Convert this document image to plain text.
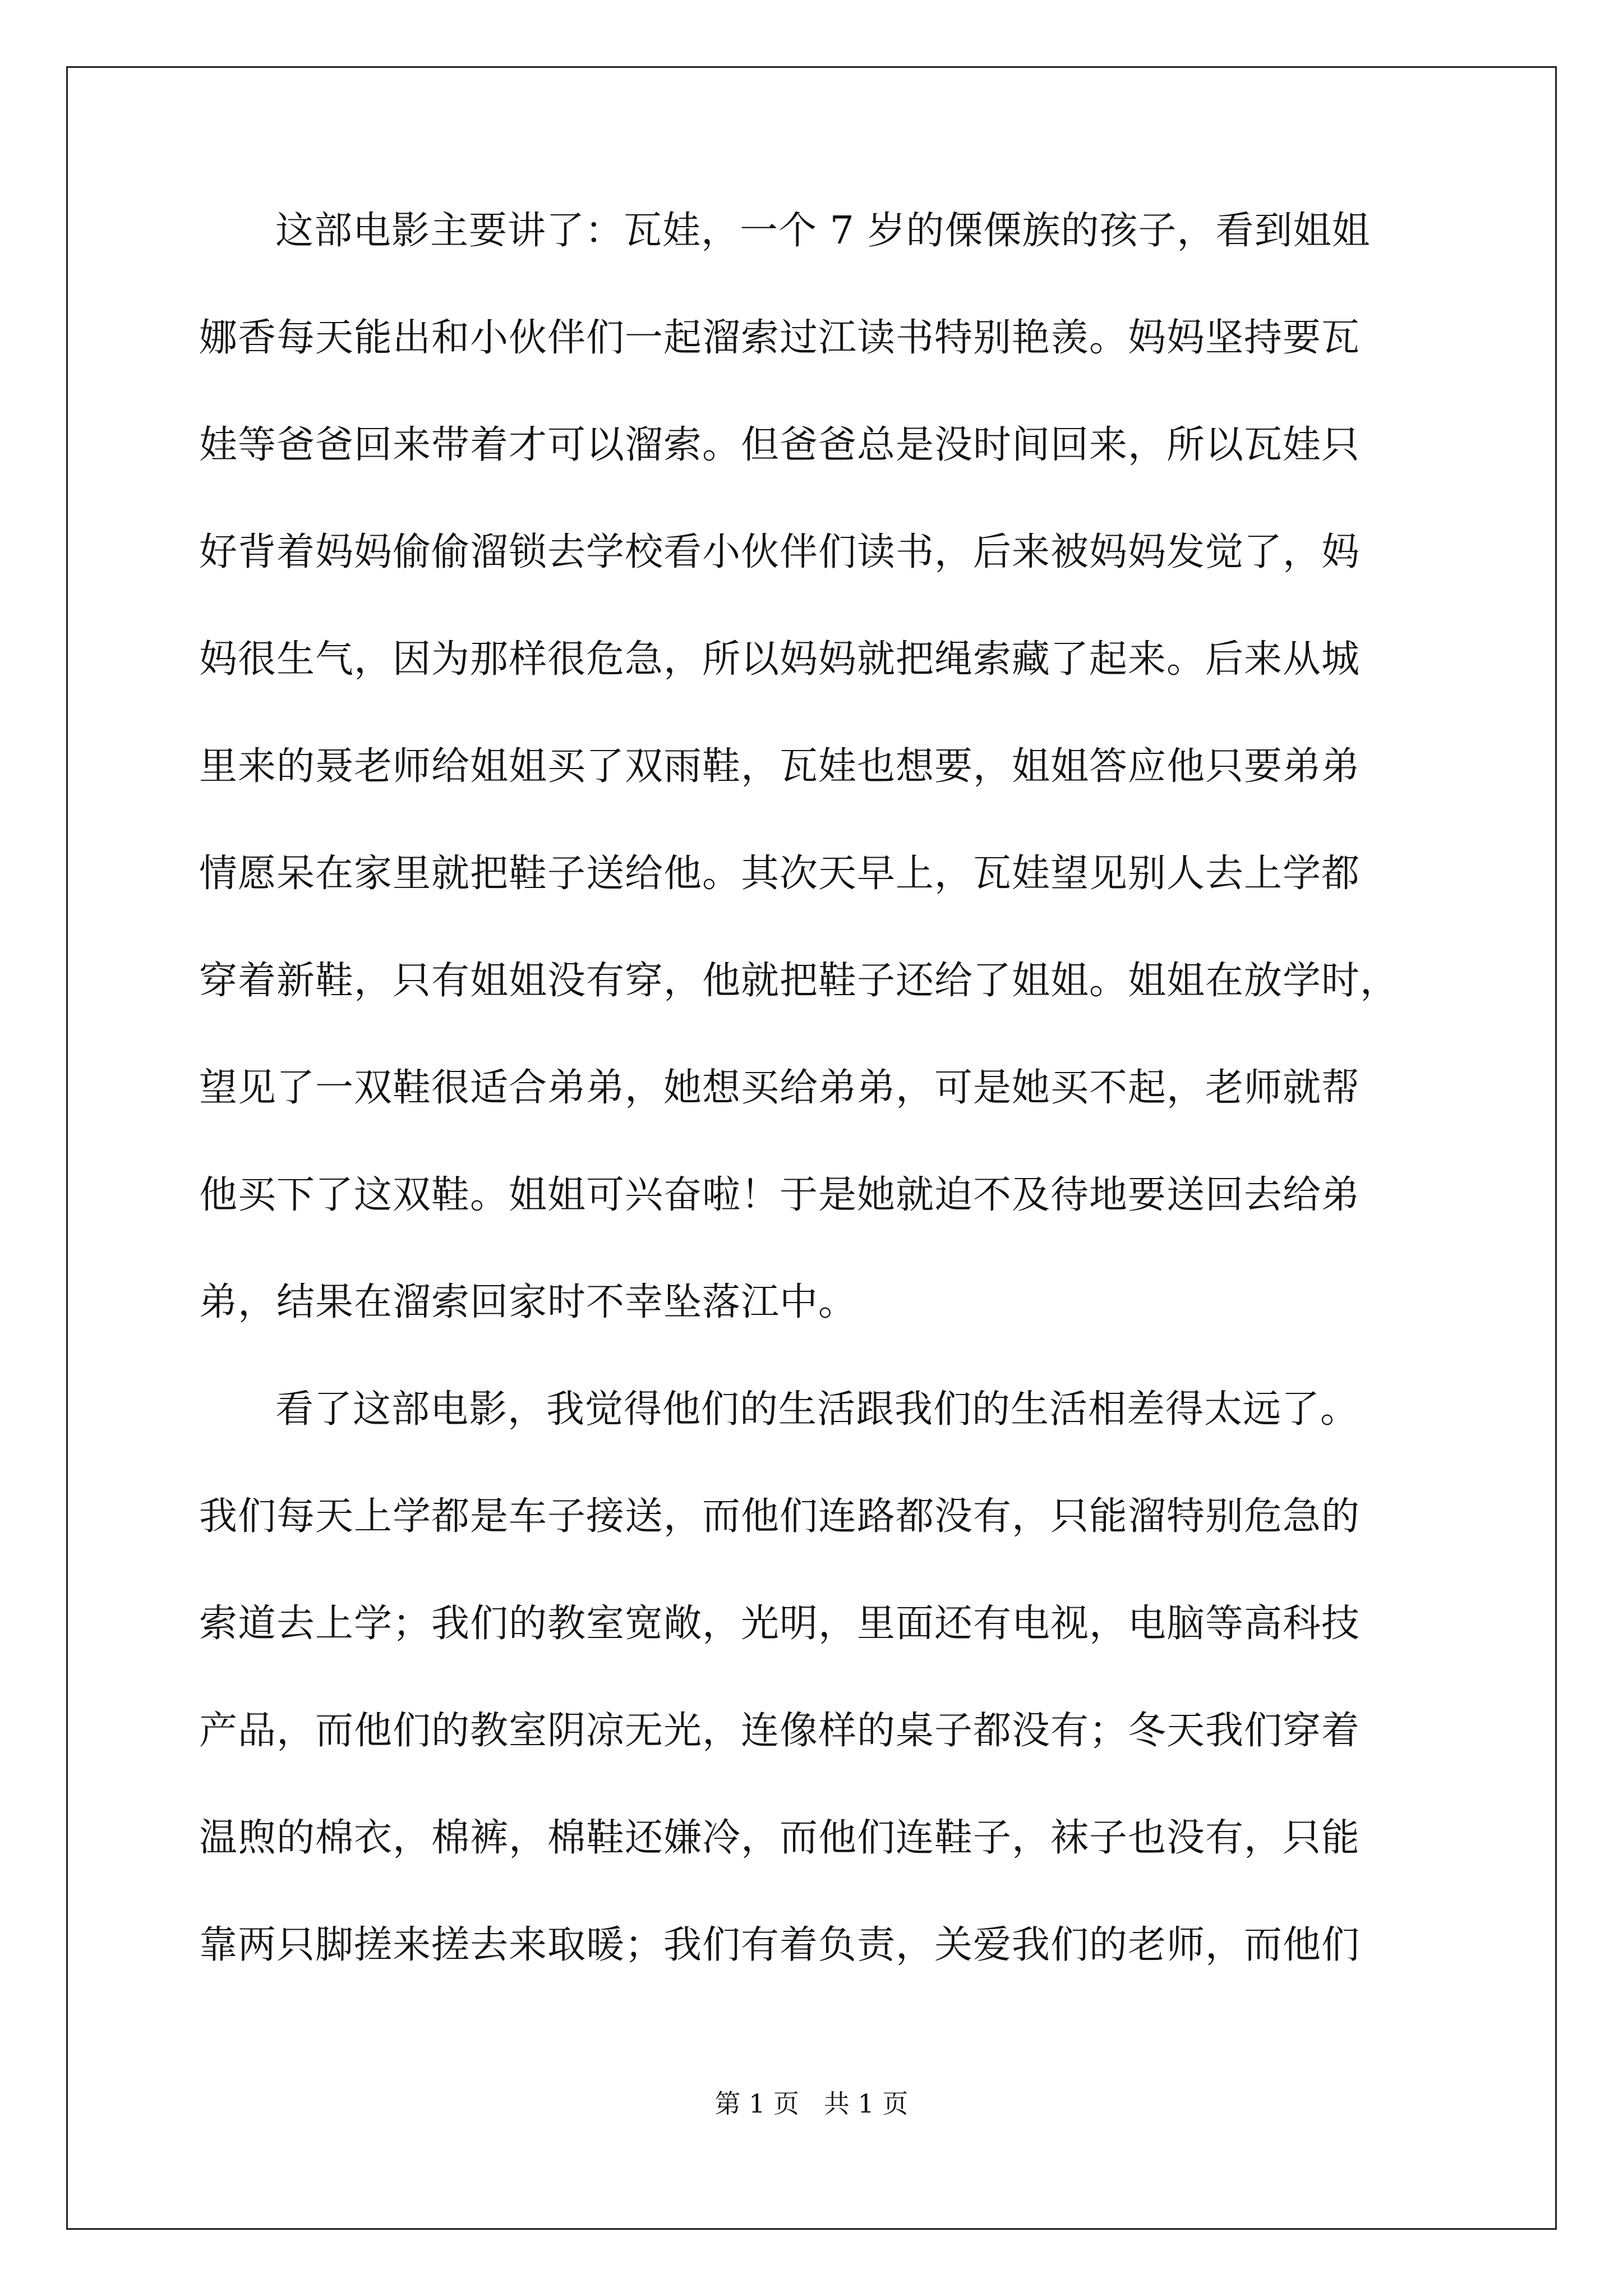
这部电影主要讲了：瓦娃，一个 7 岁的傈傈族的孩子，看到姐姐
娜香每天能出和小伙伴们一起溜索过江读书特别艳羡。妈妈坚持要瓦
娃等爸爸回来带着才可以溜索。但爸爸总是没时间回来，所以瓦娃只
好背着妈妈偷偷溜锁去学校看小伙伴们读书，后来被妈妈发觉了，妈
妈很生气，因为那样很危急，所以妈妈就把绳索藏了起来。后来从城
里来的聂老师给姐姐买了双雨鞋，瓦娃也想要，姐姐答应他只要弟弟
情愿呆在家里就把鞋子送给他。其次天早上，瓦娃望见别人去上学都
穿着新鞋，只有姐姐没有穿，他就把鞋子还给了姐姐。姐姐在放学时，
望见了一双鞋很适合弟弟，她想买给弟弟，可是她买不起，老师就帮
他买下了这双鞋。姐姐可兴奋啦！于是她就迫不及待地要送回去给弟
弟，结果在溜索回家时不幸坠落江中。
看了这部电影，我觉得他们的生活跟我们的生活相差得太远了。
我们每天上学都是车子接送，而他们连路都没有，只能溜特别危急的
索道去上学；我们的教室宽敞，光明，里面还有电视，电脑等高科技
产品，而他们的教室阴凉无光，连像样的桌子都没有；冬天我们穿着
温煦的棉衣，棉裤，棉鞋还嫌冷，而他们连鞋子，袜子也没有，只能
靠两只脚搓来搓去来取暖；我们有着负责，关爱我们的老师，而他们
第 1 页   共 1 页
